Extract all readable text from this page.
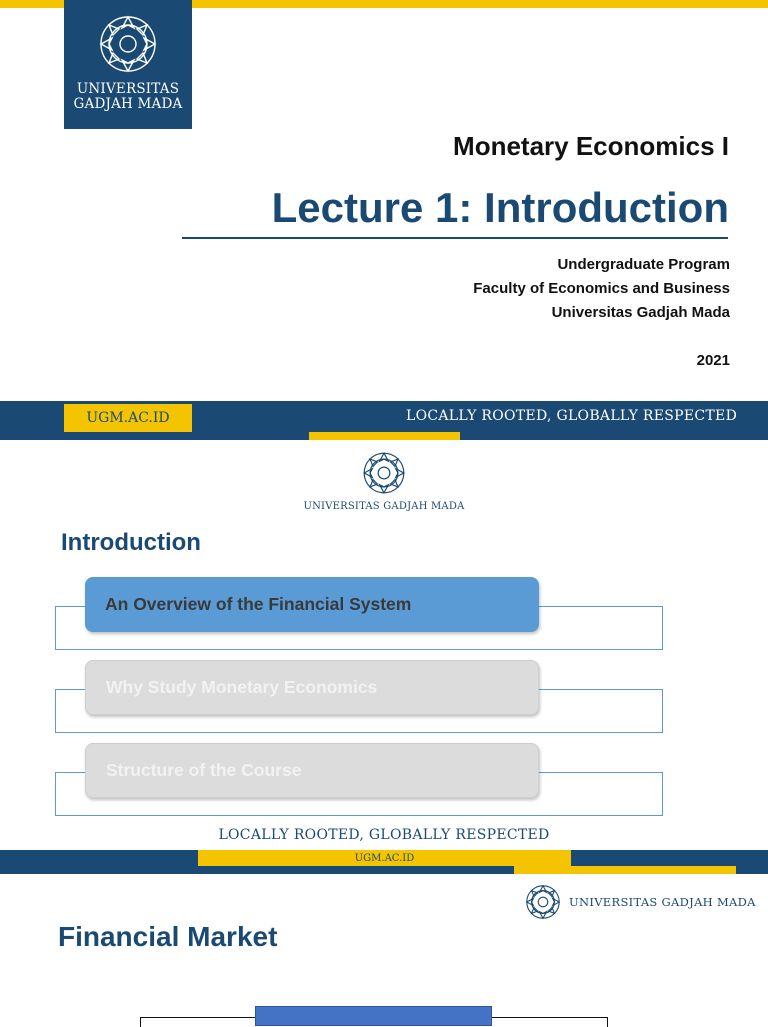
UNIVERSITAS
GADJAH MADA
Monetary Economics I
Lecture 1: Introduction
Undergraduate Program
Faculty of Economics and Business
Universitas Gadjah Mada
2021
UGM.AC.ID	LOCALLY ROOTED, GLOBALLY RESPECTED
UNIVERSITAS GADJAH MADA
Introduction
An Overview of the Financial System
Why Study Monetary Economics
Structure of the Course
LOCALLY ROOTED, GLOBALLY RESPECTED
UGM.AC.ID
UNIVERSITAS GADJAH MADA
Financial Market
